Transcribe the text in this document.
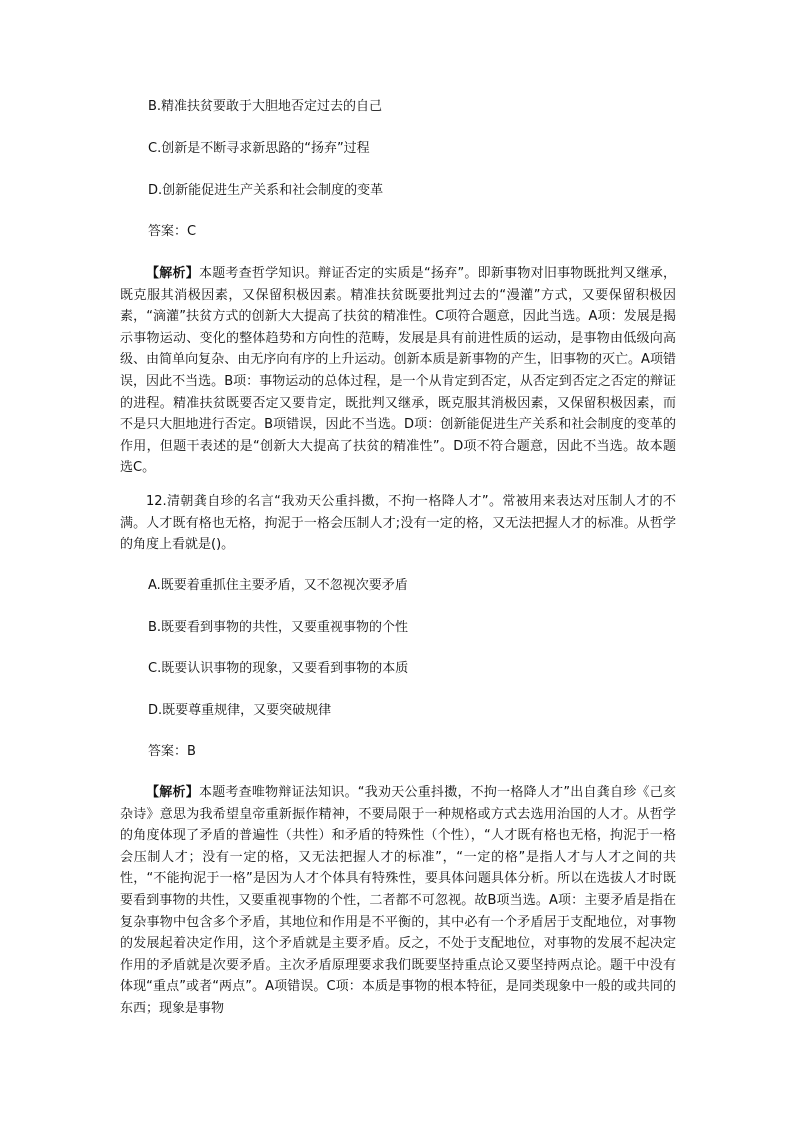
B.精准扶贫要敢于大胆地否定过去的自己
C.创新是不断寻求新思路的“扬弃”过程
D.创新能促进生产关系和社会制度的变革
答案：C
【解析】本题考查哲学知识。辩证否定的实质是“扬弃”。即新事物对旧事物既批判又继承，既克服其消极因素，又保留积极因素。精准扶贫既要批判过去的“漫灌”方式，又要保留积极因素，“滴灌”扶贫方式的创新大大提高了扶贫的精准性。C项符合题意，因此当选。A项：发展是揭示事物运动、变化的整体趋势和方向性的范畴，发展是具有前进性质的运动，是事物由低级向高级、由简单向复杂、由无序向有序的上升运动。创新本质是新事物的产生，旧事物的灭亡。A项错误，因此不当选。B项：事物运动的总体过程，是一个从肯定到否定，从否定到否定之否定的辩证的进程。精准扶贫既要否定又要肯定，既批判又继承，既克服其消极因素，又保留积极因素，而不是只大胆地进行否定。B项错误，因此不当选。D项：创新能促进生产关系和社会制度的变革的作用，但题干表述的是“创新大大提高了扶贫的精准性”。D项不符合题意，因此不当选。故本题选C。
12.清朝龚自珍的名言“我劝天公重抖擞，不拘一格降人才”。常被用来表达对压制人才的不满。人才既有格也无格，拘泥于一格会压制人才;没有一定的格，又无法把握人才的标准。从哲学的角度上看就是()。
A.既要着重抓住主要矛盾，又不忽视次要矛盾
B.既要看到事物的共性，又要重视事物的个性
C.既要认识事物的现象，又要看到事物的本质
D.既要尊重规律，又要突破规律
答案：B
【解析】本题考查唯物辩证法知识。“我劝天公重抖擞，不拘一格降人才”出自龚自珍《己亥杂诗》意思为我希望皇帝重新振作精神，不要局限于一种规格或方式去选用治国的人才。从哲学的角度体现了矛盾的普遍性（共性）和矛盾的特殊性（个性），“人才既有格也无格，拘泥于一格会压制人才；没有一定的格，又无法把握人才的标准”，“一定的格”是指人才与人才之间的共性，“不能拘泥于一格”是因为人才个体具有特殊性，要具体问题具体分析。所以在选拔人才时既要看到事物的共性，又要重视事物的个性，二者都不可忽视。故B项当选。A项：主要矛盾是指在复杂事物中包含多个矛盾，其地位和作用是不平衡的，其中必有一个矛盾居于支配地位，对事物的发展起着决定作用，这个矛盾就是主要矛盾。反之，不处于支配地位，对事物的发展不起决定作用的矛盾就是次要矛盾。主次矛盾原理要求我们既要坚持重点论又要坚持两点论。题干中没有体现“重点”或者“两点”。A项错误。C项：本质是事物的根本特征，是同类现象中一般的或共同的东西；现象是事物
